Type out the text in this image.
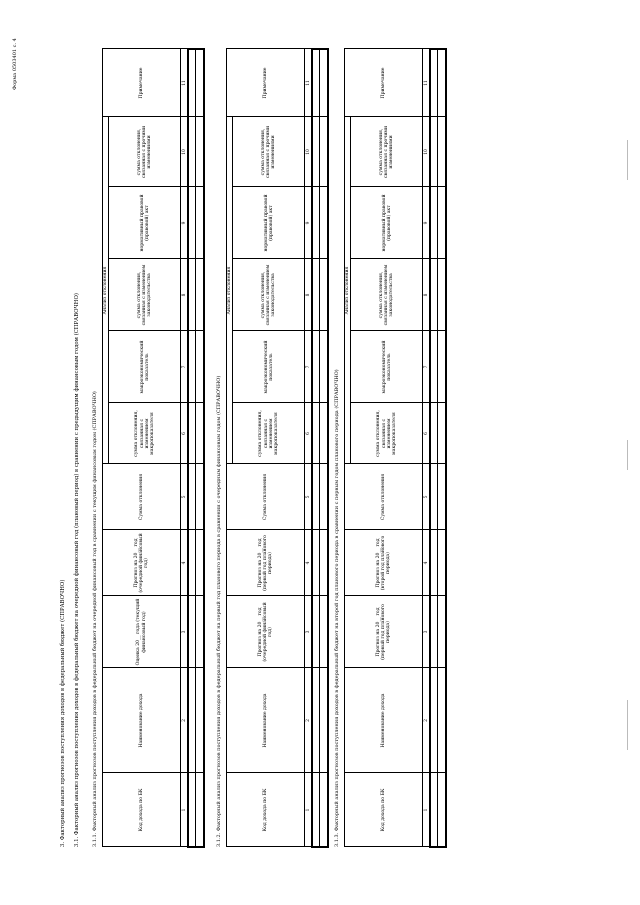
Форма 0503401 с. 4
3. Факторный анализ прогнозов поступления доходов в федеральный бюджет (СПРАВОЧНО) 3.1. Факторный анализ прогнозов поступления доходов в федеральный бюджет на очередной финансовый год (плановый период) в сравнении с предыдущим финансовым годом (СПРАВОЧНО) 3.1.1. Факторный анализ прогнозов поступления доходов в федеральный бюджет на очередной финансовый год в сравнении с текущим финансовым годом (СПРАВОЧНО)	Код дохода по БК	Наименование дохода	Оценка 20__ года (текущий финансовый год)	Прогноз на 20__ год (очередной финансовый год)	Сумма отклонения	Анализ отклонения					Примечание
					сумма отклонения, связанная с изменением макропоказателя	макроэкономический показатель	сумма отклонения, связанная с изменением законодательства	нормативный правовой (правовой) акт	сумма отклонения, связанная с прочими изменениями	
1	2	3	4	5	6	7	8	9	10	11

3.1.2. Факторный анализ прогнозов поступления доходов в федеральный бюджет на первый год планового периода в сравнении с очередным финансовым годом (СПРАВОЧНО)	Код дохода по БК	Наименование дохода	Прогноз на 20__ год (очередной финансовый год)	Прогноз на 20__ год (первый год планового периода)	Сумма отклонения	Анализ отклонения					Примечание
					сумма отклонения, связанная с изменением макропоказателя	макроэкономический показатель	сумма отклонения, связанная с изменением законодательства	нормативный правовой (правовой) акт	сумма отклонения, связанная с прочими изменениями	
1	2	3	4	5	6	7	8	9	10	11

3.1.3. Факторный анализ прогнозов поступления доходов в федеральный бюджет на второй год планового периода в сравнении с первым годом планового периода (СПРАВОЧНО)	Код дохода по БК	Наименование дохода	Прогноз на 20__ год (первый год планового периода)	Прогноз на 20__ год (второй год планового периода)	Сумма отклонения	Анализ отклонения					Примечание
					сумма отклонения, связанная с изменением макропоказателя	макроэкономический показатель	сумма отклонения, связанная с изменением законодательства	нормативный правовой (правовой) акт	сумма отклонения, связанная с прочими изменениями	
1	2	3	4	5	6	7	8	9	10	11
